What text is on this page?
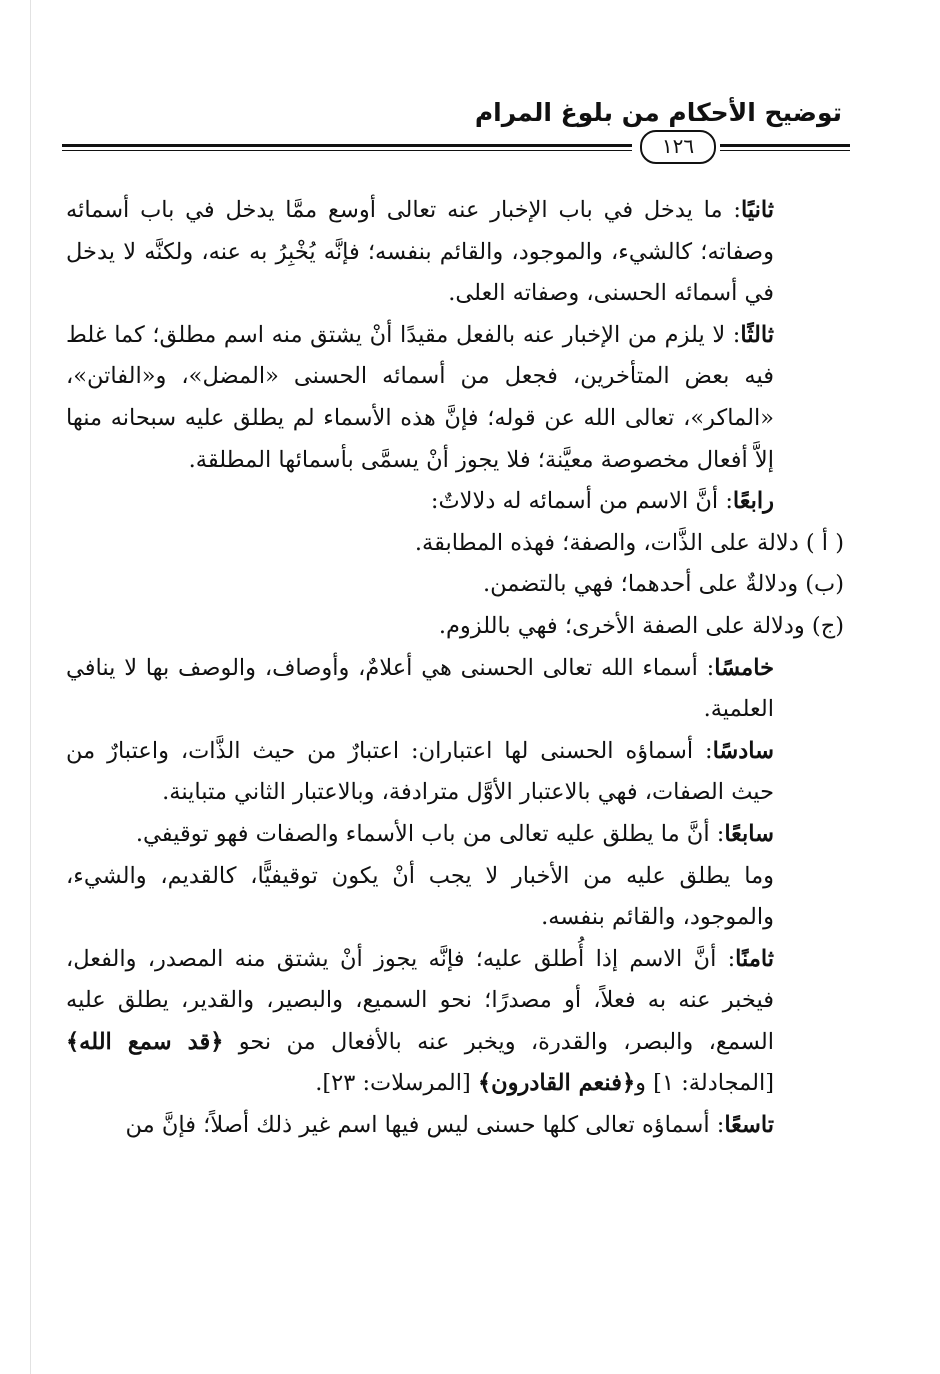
توضيح الأحكام من بلوغ المرام
١٢٦

ثانيًا: ما يدخل في باب الإخبار عنه تعالى أوسع ممَّا يدخل في باب أسمائه وصفاته؛ كالشيء، والموجود، والقائم بنفسه؛ فإنَّه يُخْبِرُ به عنه، ولكنَّه لا يدخل في أسمائه الحسنى، وصفاته العلى.

ثالثًا: لا يلزم من الإخبار عنه بالفعل مقيدًا أنْ يشتق منه اسم مطلق؛ كما غلط فيه بعض المتأخرين، فجعل من أسمائه الحسنى «المضل»، و«الفاتن»، «الماكر»، تعالى الله عن قوله؛ فإنَّ هذه الأسماء لم يطلق عليه سبحانه منها إلاَّ أفعال مخصوصة معيَّنة؛ فلا يجوز أنْ يسمَّى بأسمائها المطلقة.

رابعًا: أنَّ الاسم من أسمائه له دلالاتٌ:

( أ ) دلالة على الذَّات، والصفة؛ فهذه المطابقة.

(ب) ودلالةٌ على أحدهما؛ فهي بالتضمن.

(ج) ودلالة على الصفة الأخرى؛ فهي باللزوم.

خامسًا: أسماء الله تعالى الحسنى هي أعلامٌ، وأوصاف، والوصف بها لا ينافي العلمية.

سادسًا: أسماؤه الحسنى لها اعتباران: اعتبارٌ من حيث الذَّات، واعتبارٌ من حيث الصفات، فهي بالاعتبار الأوَّل مترادفة، وبالاعتبار الثاني متباينة.

سابعًا: أنَّ ما يطلق عليه تعالى من باب الأسماء والصفات فهو توقيفي.

وما يطلق عليه من الأخبار لا يجب أنْ يكون توقيفيًّا، كالقديم، والشيء، والموجود، والقائم بنفسه.

ثامنًا: أنَّ الاسم إذا أُطلق عليه؛ فإنَّه يجوز أنْ يشتق منه المصدر، والفعل، فيخبر عنه به فعلاً، أو مصدرًا؛ نحو السميع، والبصير، والقدير، يطلق عليه السمع، والبصر، والقدرة، ويخبر عنه بالأفعال من نحو ﴿قد سمع الله﴾ [المجادلة: ١] و﴿فنعم القادرون﴾ [المرسلات: ٢٣].

تاسعًا: أسماؤه تعالى كلها حسنى ليس فيها اسم غير ذلك أصلاً؛ فإنَّ من
